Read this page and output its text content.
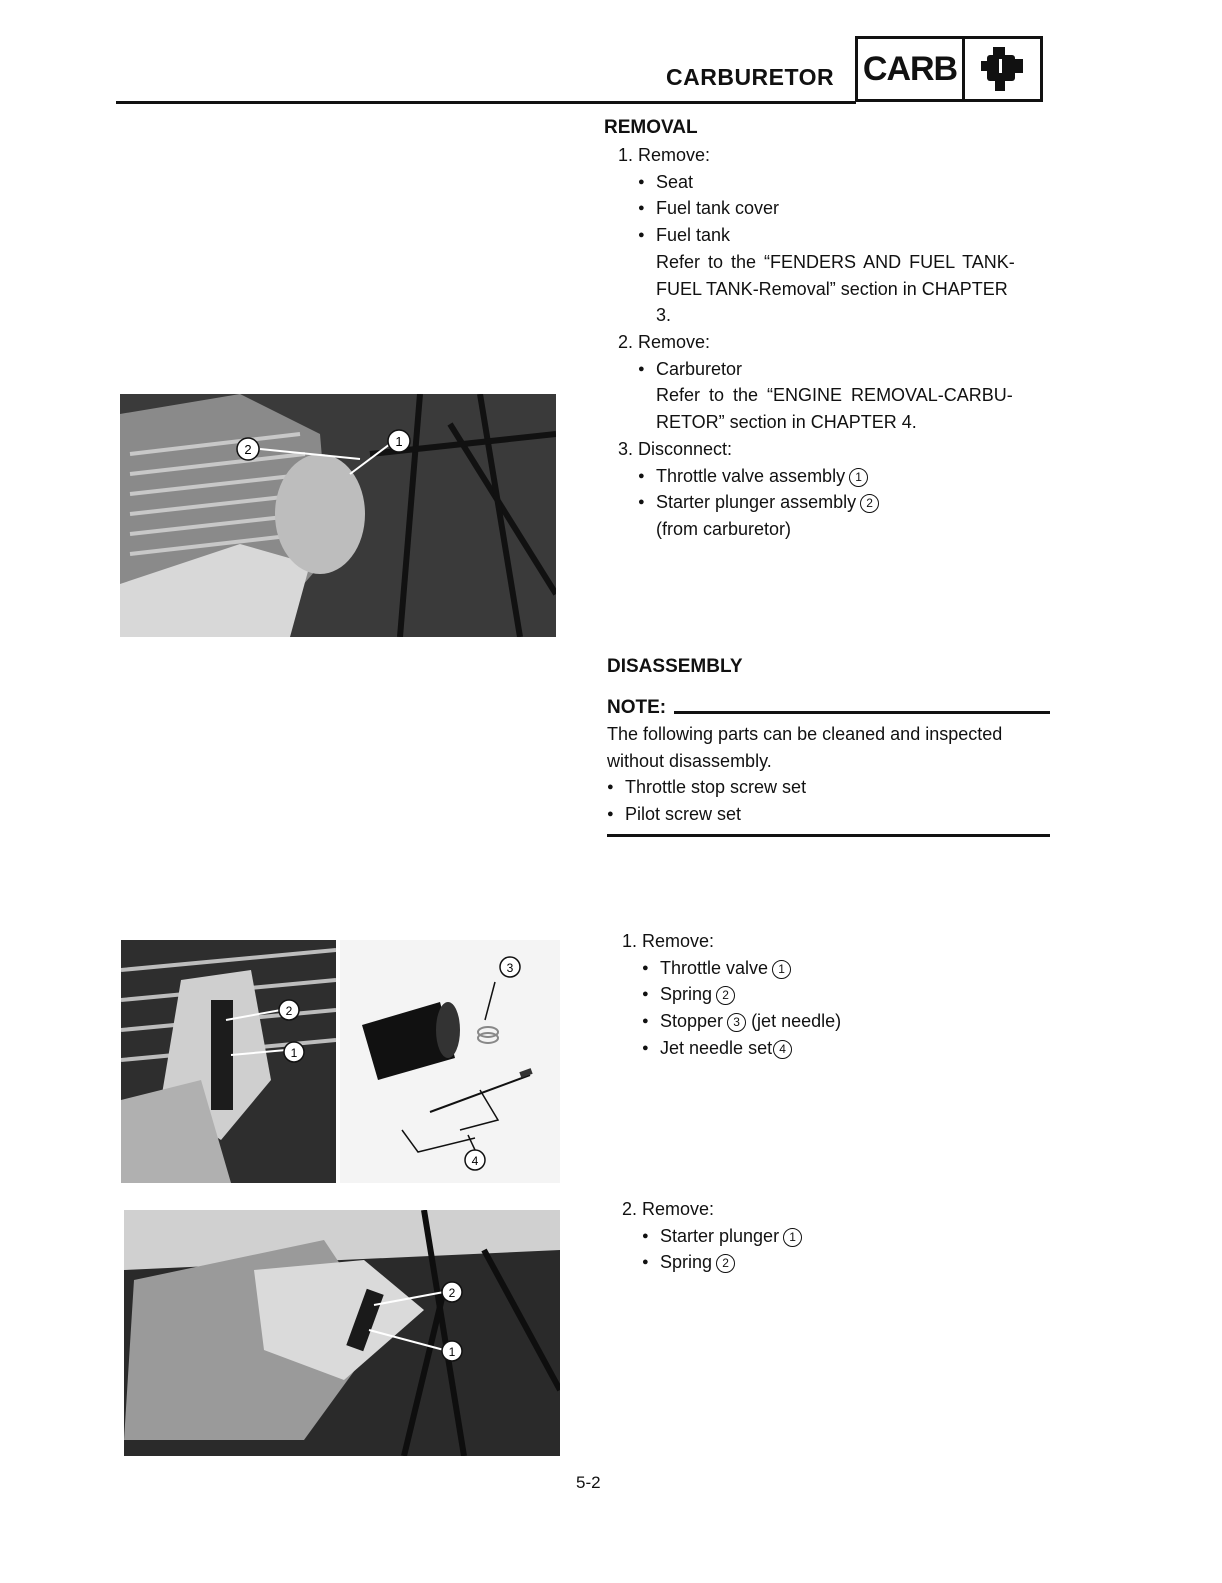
CARBURETOR CARB
REMOVAL
1. Remove:
● Seat
● Fuel tank cover
● Fuel tank
Refer to the “FENDERS AND FUEL TANK-
FUEL TANK-Removal” section in CHAPTER
3.
2. Remove:
● Carburetor
Refer to the “ENGINE REMOVAL-CARBU-
RETOR” section in CHAPTER 4.
3. Disconnect:
● Throttle valve assembly 1
● Starter plunger assembly 2
(from carburetor)
2
1
DISASSEMBLY
NOTE:
The following parts can be cleaned and inspected
without disassembly.
● Throttle stop screw set
● Pilot screw set
1. Remove:
● Throttle valve 1
● Spring 2
● Stopper 3 (jet needle)
● Jet needle set 4
2. Remove:
● Starter plunger 1
● Spring 2
2
1
3
4
2
1
5-2
